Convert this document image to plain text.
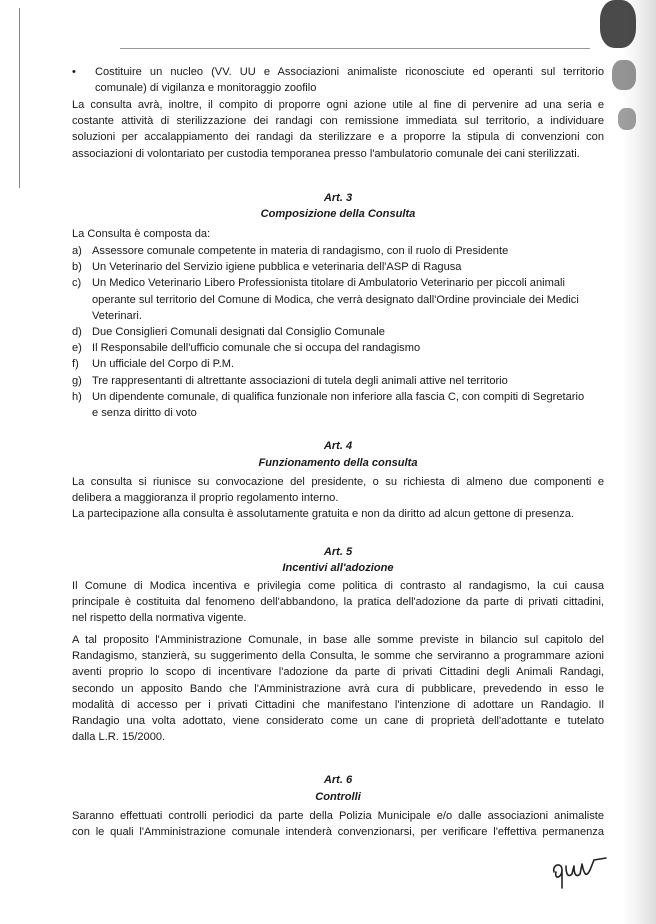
• Costituire un nucleo (VV. UU e Associazioni animaliste riconosciute ed operanti sul territorio
comunale) di vigilanza e monitoraggio zoofilo
La consulta avrà, inoltre, il compito di proporre ogni azione utile al fine di pervenire ad una seria e
costante attività di sterilizzazione dei randagi con remissione immediata sul territorio, a individuare
soluzioni per accalappiamento dei randagi da sterilizzare e a proporre la stipula di convenzioni con
associazioni di volontariato per custodia temporanea presso l'ambulatorio comunale dei cani sterilizzati.
Art. 3
Composizione della Consulta
La Consulta è composta da:
a) Assessore comunale competente in materia di randagismo, con il ruolo di Presidente
b) Un Veterinario del Servizio igiene pubblica e veterinaria dell'ASP di Ragusa
c) Un Medico Veterinario Libero Professionista titolare di Ambulatorio Veterinario per piccoli animali
operante sul territorio del Comune di Modica, che verrà designato dall'Ordine provinciale dei Medici
Veterinari.
d) Due Consiglieri Comunali designati dal Consiglio Comunale
e) Il Responsabile dell'ufficio comunale che si occupa del randagismo
f) Un ufficiale del Corpo di P.M.
g) Tre rappresentanti di altrettante associazioni di tutela degli animali attive nel territorio
h) Un dipendente comunale, di qualifica funzionale non inferiore alla fascia C, con compiti di Segretario
e senza diritto di voto
Art. 4
Funzionamento della consulta
La consulta si riunisce su convocazione del presidente, o su richiesta di almeno due componenti e
delibera a maggioranza il proprio regolamento interno.
La partecipazione alla consulta è assolutamente gratuita e non da diritto ad alcun gettone di presenza.
Art. 5
Incentivi all'adozione
Il Comune di Modica incentiva e privilegia come politica di contrasto al randagismo, la cui causa
principale è costituita dal fenomeno dell'abbandono, la pratica dell'adozione da parte di privati cittadini,
nel rispetto della normativa vigente.
A tal proposito l'Amministrazione Comunale, in base alle somme previste in bilancio sul capitolo del
Randagismo, stanzierà, su suggerimento della Consulta, le somme che serviranno a programmare azioni
aventi proprio lo scopo di incentivare l'adozione da parte di privati Cittadini degli Animali Randagi,
secondo un apposito Bando che l'Amministrazione avrà cura di pubblicare, prevedendo in esso le
modalità di accesso per i privati Cittadini che manifestano l'intenzione di adottare un Randagio. Il
Randagio una volta adottato, viene considerato come un cane di proprietà dell'adottante e tutelato
dalla L.R. 15/2000.
Art. 6
Controlli
Saranno effettuati controlli periodici da parte della Polizia Municipale e/o dalle associazioni animaliste
con le quali l'Amministrazione comunale intenderà convenzionarsi, per verificare l'effettiva permanenza
